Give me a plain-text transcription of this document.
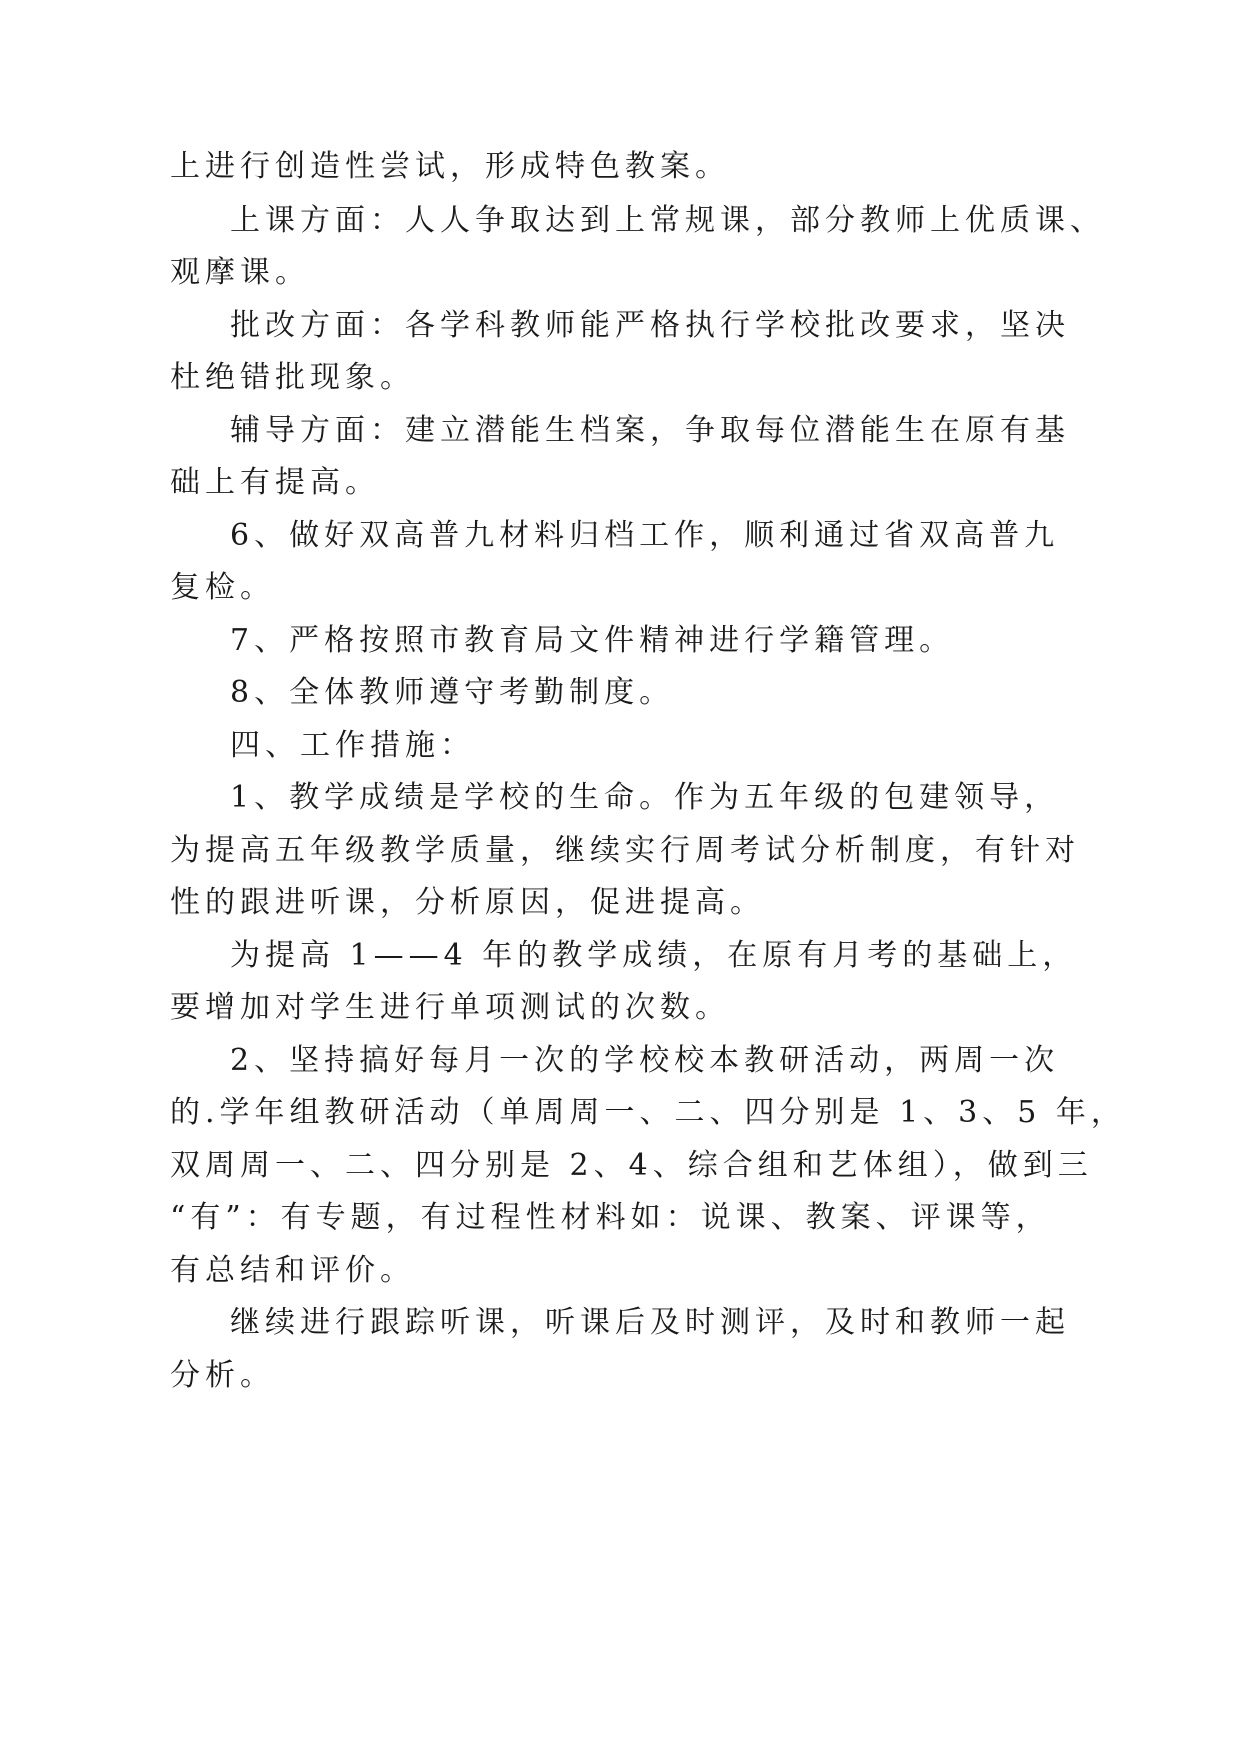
上进行创造性尝试，形成特色教案。
上课方面：人人争取达到上常规课，部分教师上优质课、
观摩课。
批改方面：各学科教师能严格执行学校批改要求，坚决
杜绝错批现象。
辅导方面：建立潜能生档案，争取每位潜能生在原有基
础上有提高。
6、做好双高普九材料归档工作，顺利通过省双高普九
复检。
7、严格按照市教育局文件精神进行学籍管理。
8、全体教师遵守考勤制度。
四、工作措施：
1、教学成绩是学校的生命。作为五年级的包建领导，
为提高五年级教学质量，继续实行周考试分析制度，有针对
性的跟进听课，分析原因，促进提高。
为提高 1——4 年的教学成绩，在原有月考的基础上，
要增加对学生进行单项测试的次数。
2、坚持搞好每月一次的学校校本教研活动，两周一次
的.学年组教研活动（单周周一、二、四分别是 1、3、5 年，
双周周一、二、四分别是 2、4、综合组和艺体组），做到三
“有”：有专题，有过程性材料如：说课、教案、评课等，
有总结和评价。
继续进行跟踪听课，听课后及时测评，及时和教师一起
分析。
